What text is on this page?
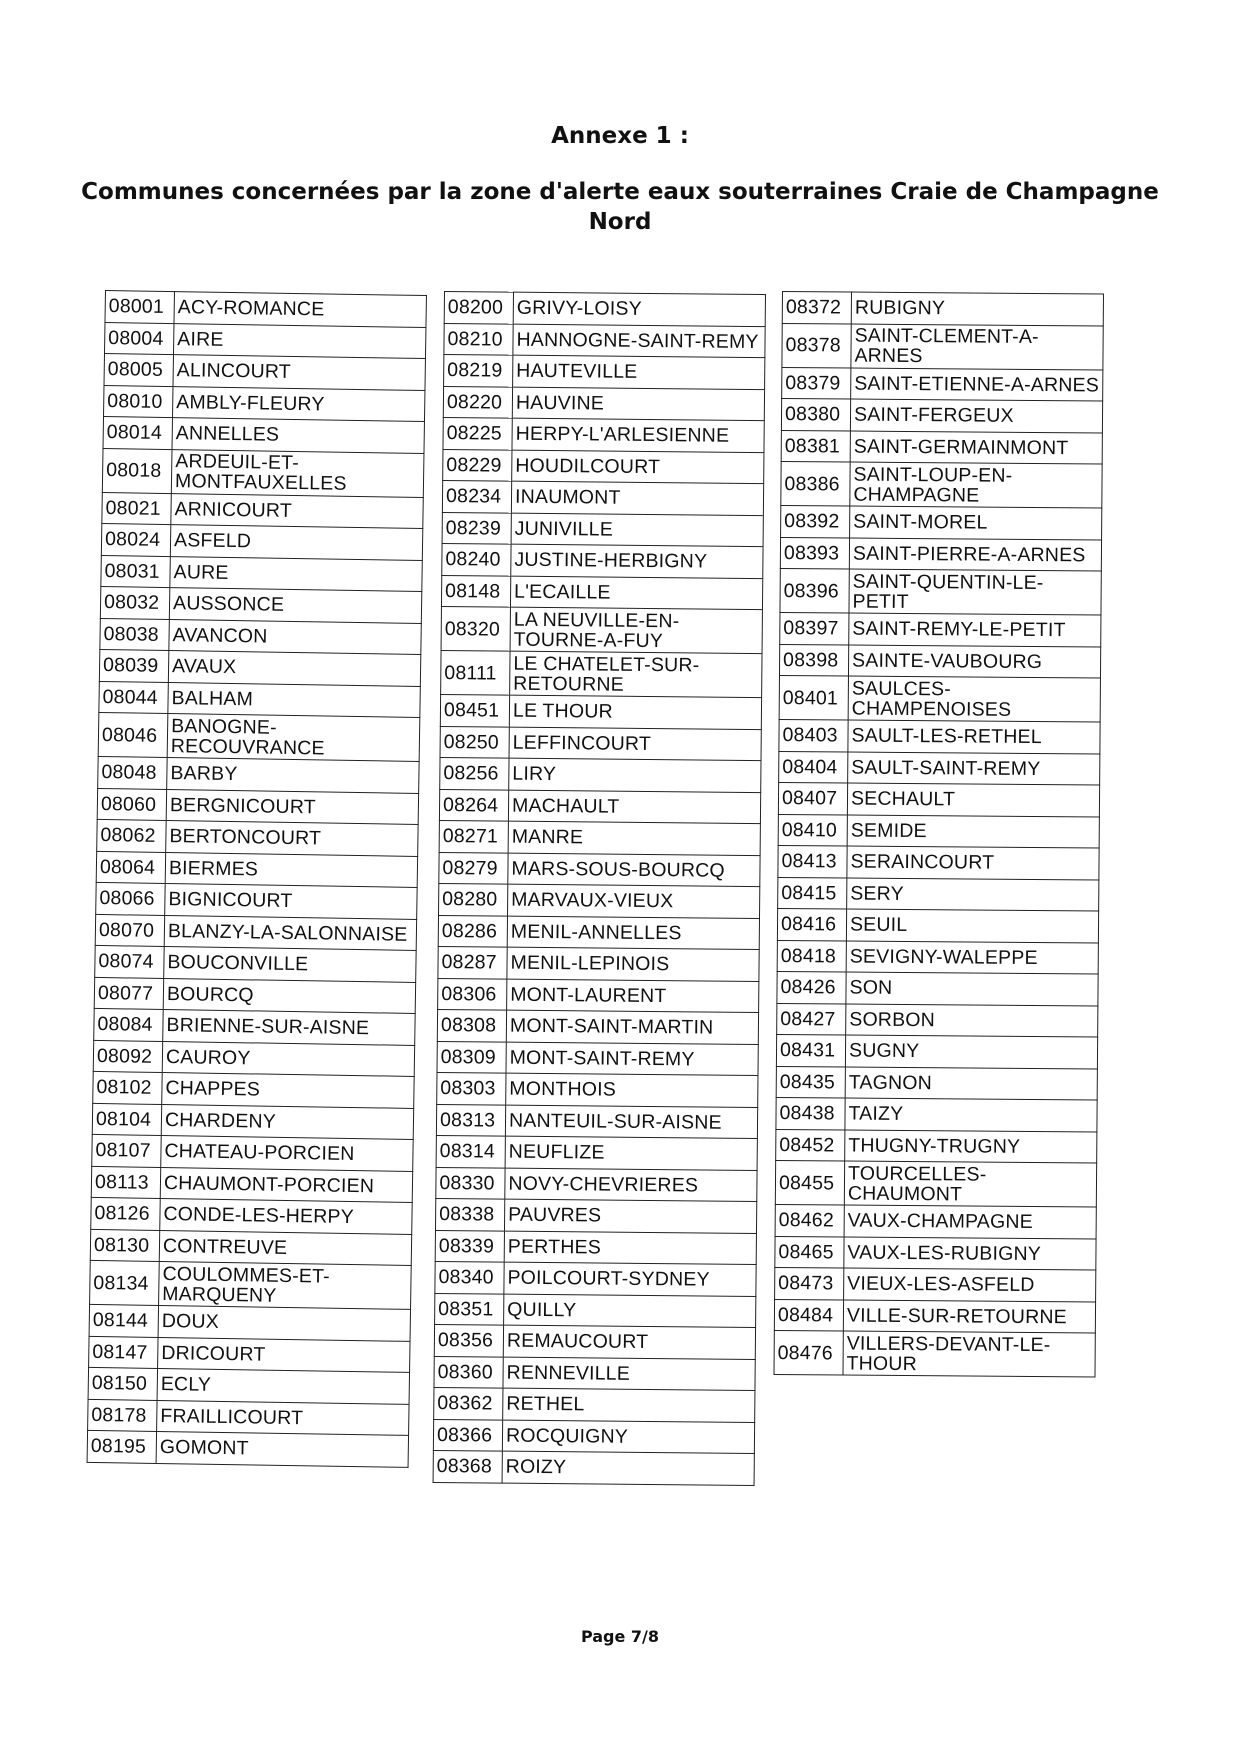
Annexe 1 :
Communes concernées par la zone d'alerte eaux souterraines Craie de Champagne
Nord
08001	ACY-ROMANCE
08004	AIRE
08005	ALINCOURT
08010	AMBLY-FLEURY
08014	ANNELLES
08018	ARDEUIL-ET-MONTFAUXELLES
08021	ARNICOURT
08024	ASFELD
08031	AURE
08032	AUSSONCE
08038	AVANCON
08039	AVAUX
08044	BALHAM
08046	BANOGNE-RECOUVRANCE
08048	BARBY
08060	BERGNICOURT
08062	BERTONCOURT
08064	BIERMES
08066	BIGNICOURT
08070	BLANZY-LA-SALONNAISE
08074	BOUCONVILLE
08077	BOURCQ
08084	BRIENNE-SUR-AISNE
08092	CAUROY
08102	CHAPPES
08104	CHARDENY
08107	CHATEAU-PORCIEN
08113	CHAUMONT-PORCIEN
08126	CONDE-LES-HERPY
08130	CONTREUVE
08134	COULOMMES-ET-MARQUENY
08144	DOUX
08147	DRICOURT
08150	ECLY
08178	FRAILLICOURT
08195	GOMONT
08200	GRIVY-LOISY
08210	HANNOGNE-SAINT-REMY
08219	HAUTEVILLE
08220	HAUVINE
08225	HERPY-L'ARLESIENNE
08229	HOUDILCOURT
08234	INAUMONT
08239	JUNIVILLE
08240	JUSTINE-HERBIGNY
08148	L'ECAILLE
08320	LA NEUVILLE-EN-TOURNE-A-FUY
08111	LE CHATELET-SUR-RETOURNE
08451	LE THOUR
08250	LEFFINCOURT
08256	LIRY
08264	MACHAULT
08271	MANRE
08279	MARS-SOUS-BOURCQ
08280	MARVAUX-VIEUX
08286	MENIL-ANNELLES
08287	MENIL-LEPINOIS
08306	MONT-LAURENT
08308	MONT-SAINT-MARTIN
08309	MONT-SAINT-REMY
08303	MONTHOIS
08313	NANTEUIL-SUR-AISNE
08314	NEUFLIZE
08330	NOVY-CHEVRIERES
08338	PAUVRES
08339	PERTHES
08340	POILCOURT-SYDNEY
08351	QUILLY
08356	REMAUCOURT
08360	RENNEVILLE
08362	RETHEL
08366	ROCQUIGNY
08368	ROIZY
08372	RUBIGNY
08378	SAINT-CLEMENT-A-ARNES
08379	SAINT-ETIENNE-A-ARNES
08380	SAINT-FERGEUX
08381	SAINT-GERMAINMONT
08386	SAINT-LOUP-EN-CHAMPAGNE
08392	SAINT-MOREL
08393	SAINT-PIERRE-A-ARNES
08396	SAINT-QUENTIN-LE-PETIT
08397	SAINT-REMY-LE-PETIT
08398	SAINTE-VAUBOURG
08401	SAULCES-CHAMPENOISES
08403	SAULT-LES-RETHEL
08404	SAULT-SAINT-REMY
08407	SECHAULT
08410	SEMIDE
08413	SERAINCOURT
08415	SERY
08416	SEUIL
08418	SEVIGNY-WALEPPE
08426	SON
08427	SORBON
08431	SUGNY
08435	TAGNON
08438	TAIZY
08452	THUGNY-TRUGNY
08455	TOURCELLES-CHAUMONT
08462	VAUX-CHAMPAGNE
08465	VAUX-LES-RUBIGNY
08473	VIEUX-LES-ASFELD
08484	VILLE-SUR-RETOURNE
08476	VILLERS-DEVANT-LE-THOUR
Page 7/8
